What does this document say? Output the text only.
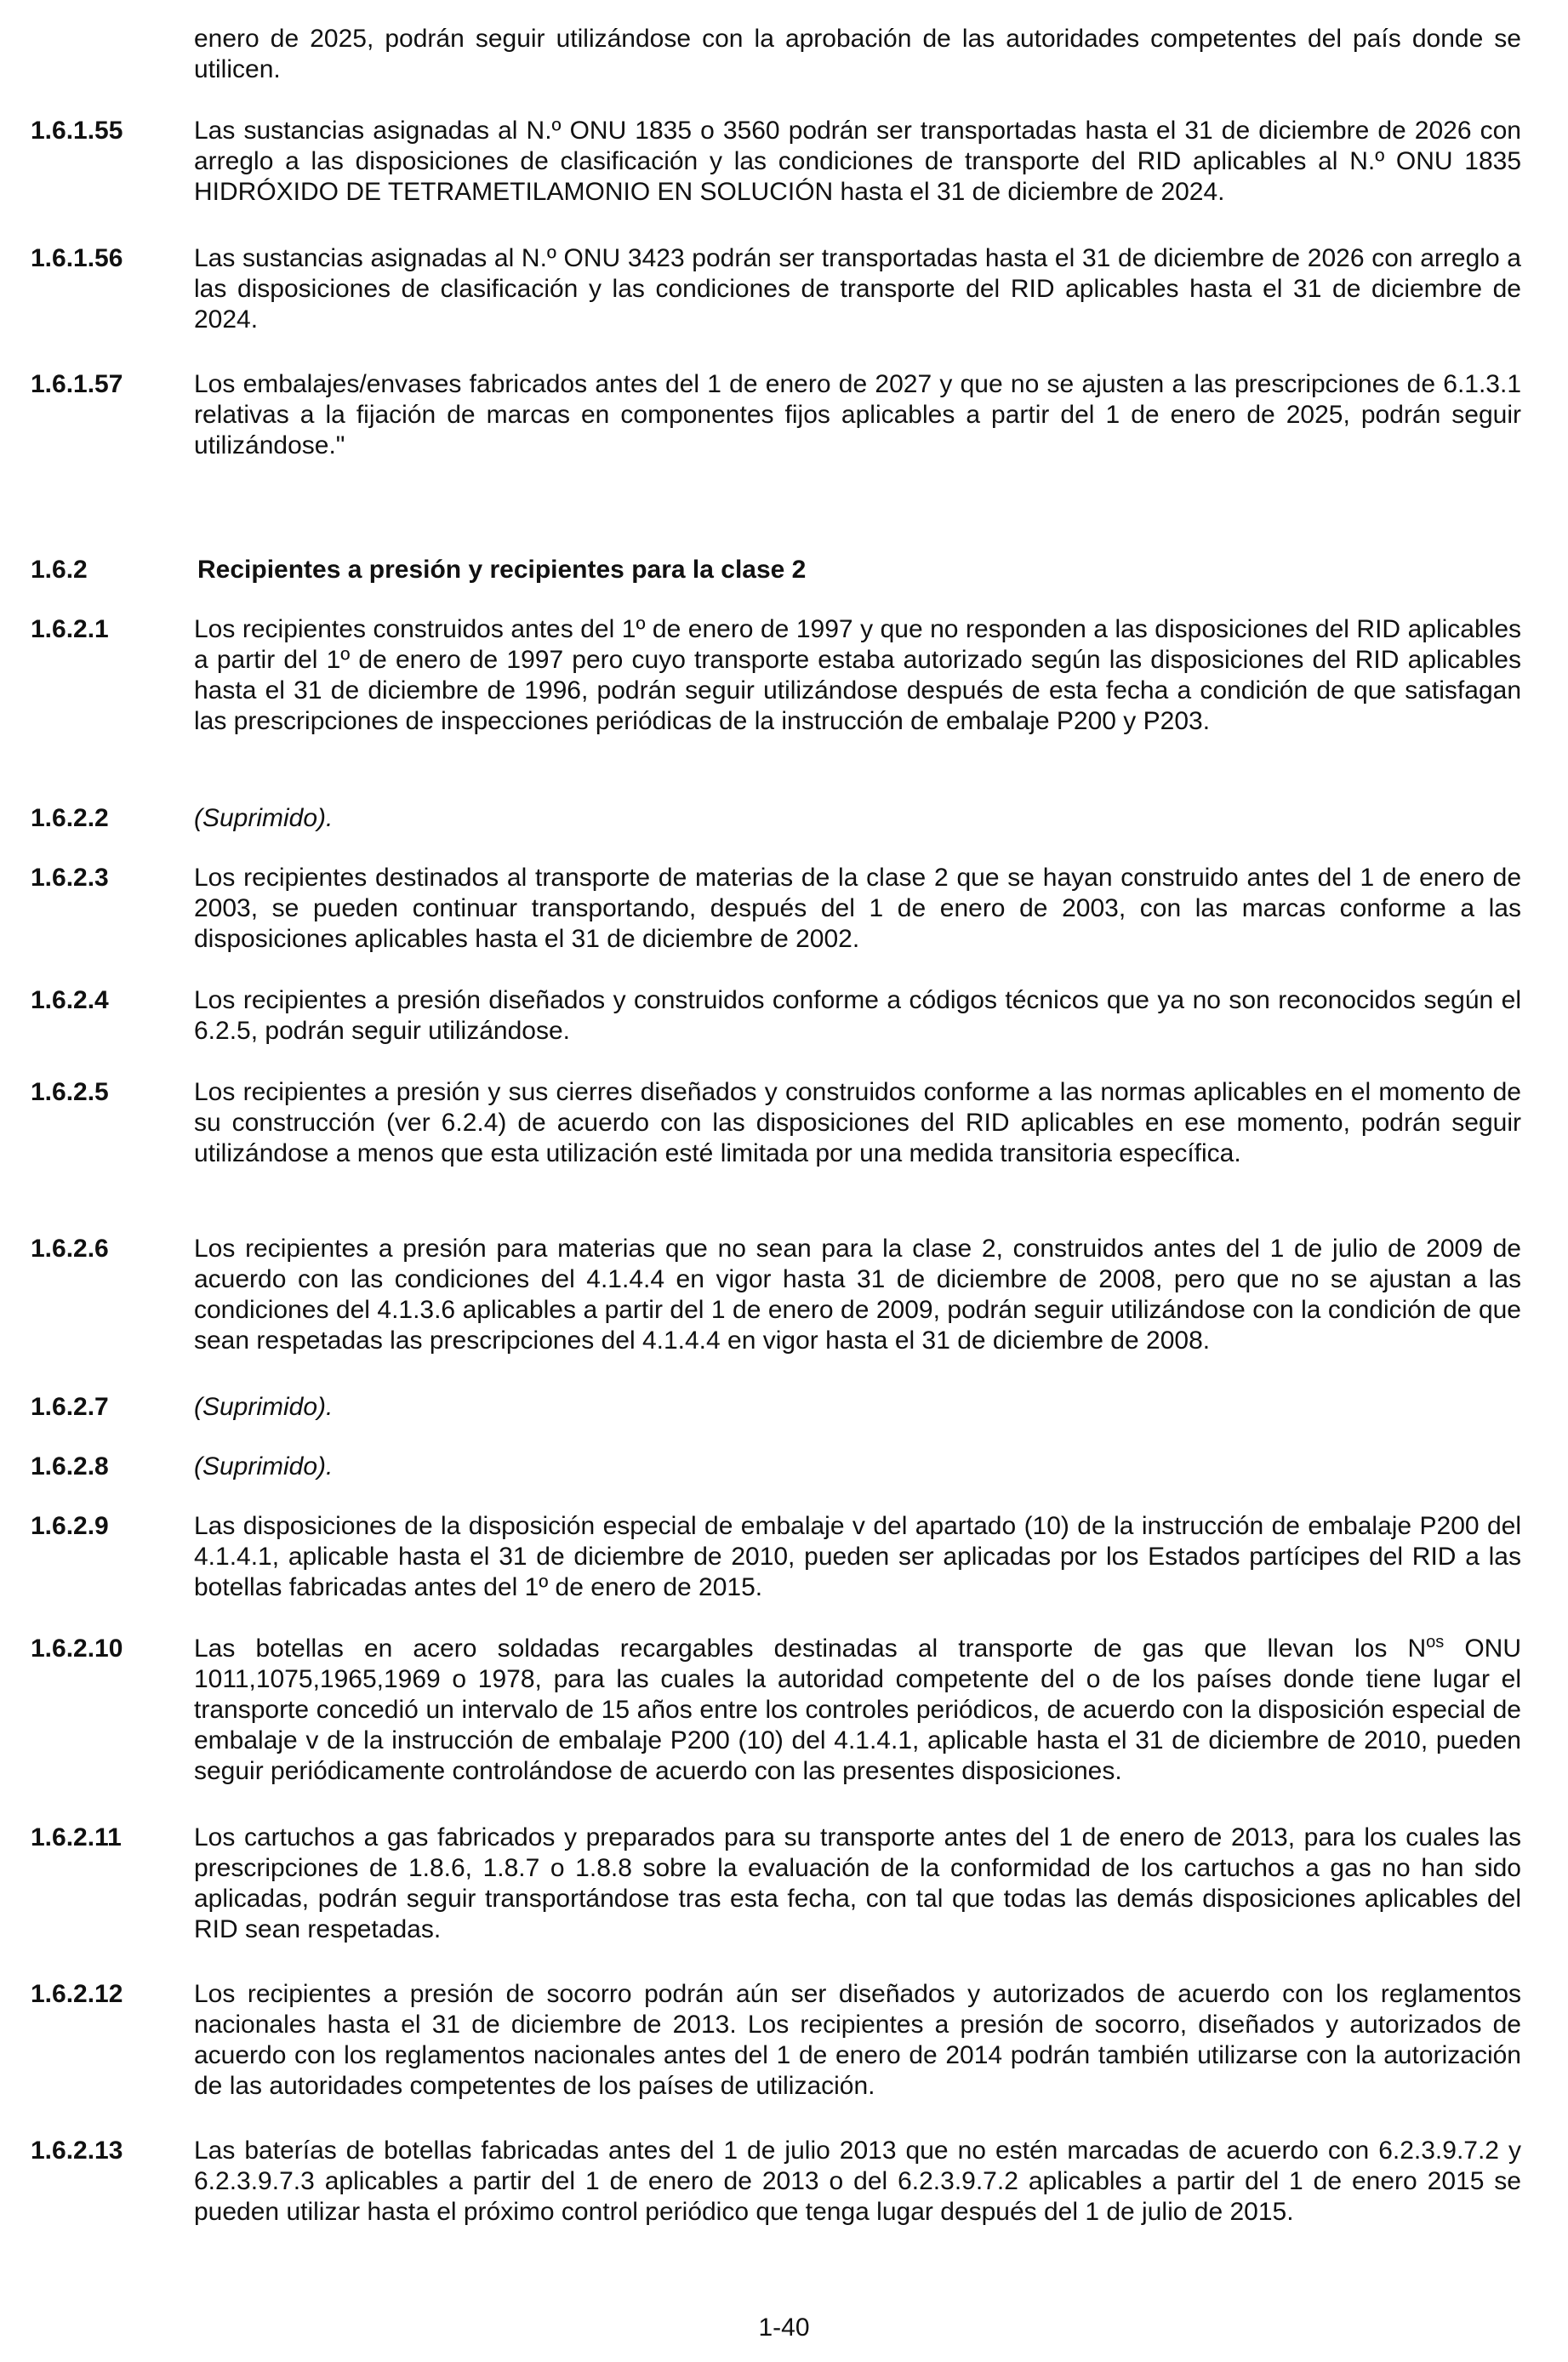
enero de 2025, podrán seguir utilizándose con la aprobación de las autoridades competentes del país donde se utilicen.
1.6.1.55	Las sustancias asignadas al N.º ONU 1835 o 3560 podrán ser transportadas hasta el 31 de diciembre de 2026 con arreglo a las disposiciones de clasificación y las condiciones de transporte del RID aplicables al N.º ONU 1835 HIDRÓXIDO DE TETRAMETILAMONIO EN SOLUCIÓN hasta el 31 de diciembre de 2024.
1.6.1.56	Las sustancias asignadas al N.º ONU 3423 podrán ser transportadas hasta el 31 de diciembre de 2026 con arreglo a las disposiciones de clasificación y las condiciones de transporte del RID aplicables hasta el 31 de diciembre de 2024.
1.6.1.57	Los embalajes/envases fabricados antes del 1 de enero de 2027 y que no se ajusten a las prescripciones de 6.1.3.1 relativas a la fijación de marcas en componentes fijos aplicables a partir del 1 de enero de 2025, podrán seguir utilizándose."
1.6.2	Recipientes a presión y recipientes para la clase 2
1.6.2.1	Los recipientes construidos antes del 1º de enero de 1997 y que no responden a las disposiciones del RID aplicables a partir del 1º de enero de 1997 pero cuyo transporte estaba autorizado según las disposiciones del RID aplicables hasta el 31 de diciembre de 1996, podrán seguir utilizándose después de esta fecha a condición de que satisfagan las prescripciones de inspecciones periódicas de la instrucción de embalaje P200 y P203.
1.6.2.2	(Suprimido).
1.6.2.3	Los recipientes destinados al transporte de materias de la clase 2 que se hayan construido antes del 1 de enero de 2003, se pueden continuar transportando, después del 1 de enero de 2003, con las marcas conforme a las disposiciones aplicables hasta el 31 de diciembre de 2002.
1.6.2.4	Los recipientes a presión diseñados y construidos conforme a códigos técnicos que ya no son reconocidos según el 6.2.5, podrán seguir utilizándose.
1.6.2.5	Los recipientes a presión y sus cierres diseñados y construidos conforme a las normas aplicables en el momento de su construcción (ver 6.2.4) de acuerdo con las disposiciones del RID aplicables en ese momento, podrán seguir utilizándose a menos que esta utilización esté limitada por una medida transitoria específica.
1.6.2.6	Los recipientes a presión para materias que no sean para la clase 2, construidos antes del 1 de julio de 2009 de acuerdo con las condiciones del 4.1.4.4 en vigor hasta 31 de diciembre de 2008, pero que no se ajustan a las condiciones del 4.1.3.6 aplicables a partir del 1 de enero de 2009, podrán seguir utilizándose con la condición de que sean respetadas las prescripciones del 4.1.4.4 en vigor hasta el 31 de diciembre de 2008.
1.6.2.7	(Suprimido).
1.6.2.8	(Suprimido).
1.6.2.9	Las disposiciones de la disposición especial de embalaje v del apartado (10) de la instrucción de embalaje P200 del 4.1.4.1, aplicable hasta el 31 de diciembre de 2010, pueden ser aplicadas por los Estados partícipes del RID a las botellas fabricadas antes del 1º de enero de 2015.
1.6.2.10	Las botellas en acero soldadas recargables destinadas al transporte de gas que llevan los $N^{os}$ ONU 1011,1075,1965,1969 o 1978, para las cuales la autoridad competente del o de los países donde tiene lugar el transporte concedió un intervalo de 15 años entre los controles periódicos, de acuerdo con la disposición especial de embalaje v de la instrucción de embalaje P200 (10) del 4.1.4.1, aplicable hasta el 31 de diciembre de 2010, pueden seguir periódicamente controlándose de acuerdo con las presentes disposiciones.
1.6.2.11	Los cartuchos a gas fabricados y preparados para su transporte antes del 1 de enero de 2013, para los cuales las prescripciones de 1.8.6, 1.8.7 o 1.8.8 sobre la evaluación de la conformidad de los cartuchos a gas no han sido aplicadas, podrán seguir transportándose tras esta fecha, con tal que todas las demás disposiciones aplicables del RID sean respetadas.
1.6.2.12	Los recipientes a presión de socorro podrán aún ser diseñados y autorizados de acuerdo con los reglamentos nacionales hasta el 31 de diciembre de 2013. Los recipientes a presión de socorro, diseñados y autorizados de acuerdo con los reglamentos nacionales antes del 1 de enero de 2014 podrán también utilizarse con la autorización de las autoridades competentes de los países de utilización.
1.6.2.13	Las baterías de botellas fabricadas antes del 1 de julio 2013 que no estén marcadas de acuerdo con 6.2.3.9.7.2 y 6.2.3.9.7.3 aplicables a partir del 1 de enero de 2013 o del 6.2.3.9.7.2 aplicables a partir del 1 de enero 2015 se pueden utilizar hasta el próximo control periódico que tenga lugar después del 1 de julio de 2015.
1-40
